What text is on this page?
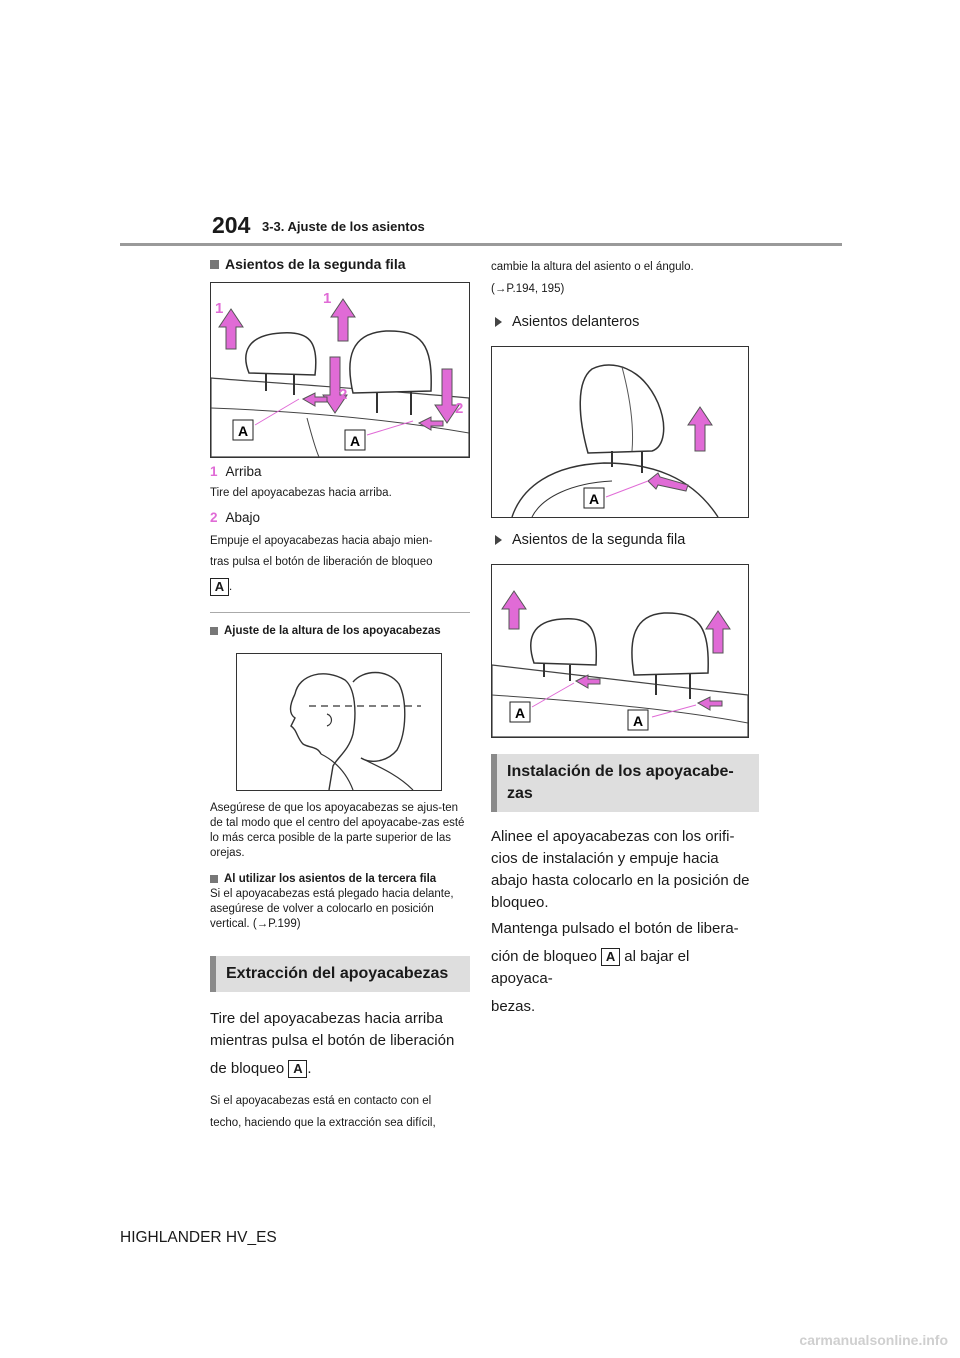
204 3-3. Ajuste de los asientos
Asientos de la segunda fila
1
1
2
2
A
A
1 Arriba
Tire del apoyacabezas hacia arriba.
2 Abajo
Empuje el apoyacabezas hacia abajo mien-
tras pulsa el botón de liberación de bloqueo
A .
Ajuste de la altura de los apoyacabezas
Asegúrese de que los apoyacabezas se ajus-ten de tal modo que el centro del apoyacabe-zas esté lo más cerca posible de la parte superior de las orejas.
Al utilizar los asientos de la tercera fila
Si el apoyacabezas está plegado hacia delante, asegúrese de volver a colocarlo en posición vertical. (→P.199)
Extracción del apoyacabezas
Tire del apoyacabezas hacia arriba
mientras pulsa el botón de liberación
de bloqueo A .
Si el apoyacabezas está en contacto con el
techo, haciendo que la extracción sea difícil,
cambie la altura del asiento o el ángulo.
(→P.194, 195)
Asientos delanteros
A
Asientos de la segunda fila
A	A
Instalación de los apoyacabe-zas
Alinee el apoyacabezas con los orifi-
cios de instalación y empuje hacia
abajo hasta colocarlo en la posición de
bloqueo.
Mantenga pulsado el botón de libera-
ción de bloqueo A al bajar el apoyaca-
bezas.
HIGHLANDER HV_ES
carmanualsonline.info
